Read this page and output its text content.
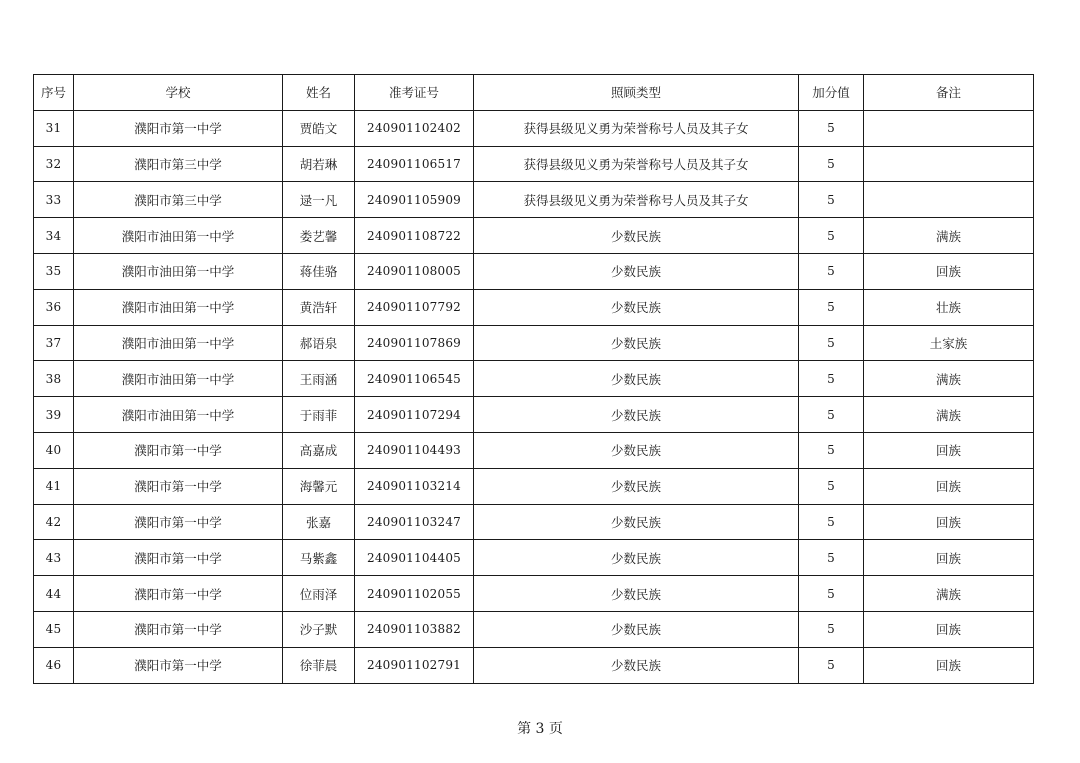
序号	学校	姓名	准考证号	照顾类型	加分值	备注
31	濮阳市第一中学	贾皓文	240901102402	获得县级见义勇为荣誉称号人员及其子女	5	
32	濮阳市第三中学	胡若琳	240901106517	获得县级见义勇为荣誉称号人员及其子女	5	
33	濮阳市第三中学	逯一凡	240901105909	获得县级见义勇为荣誉称号人员及其子女	5	
34	濮阳市油田第一中学	娄艺馨	240901108722	少数民族	5	满族
35	濮阳市油田第一中学	蒋佳骆	240901108005	少数民族	5	回族
36	濮阳市油田第一中学	黄浩轩	240901107792	少数民族	5	壮族
37	濮阳市油田第一中学	郝语泉	240901107869	少数民族	5	土家族
38	濮阳市油田第一中学	王雨涵	240901106545	少数民族	5	满族
39	濮阳市油田第一中学	于雨菲	240901107294	少数民族	5	满族
40	濮阳市第一中学	高嘉成	240901104493	少数民族	5	回族
41	濮阳市第一中学	海馨元	240901103214	少数民族	5	回族
42	濮阳市第一中学	张嘉	240901103247	少数民族	5	回族
43	濮阳市第一中学	马紫鑫	240901104405	少数民族	5	回族
44	濮阳市第一中学	位雨泽	240901102055	少数民族	5	满族
45	濮阳市第一中学	沙子默	240901103882	少数民族	5	回族
46	濮阳市第一中学	徐菲晨	240901102791	少数民族	5	回族
第 3 页
